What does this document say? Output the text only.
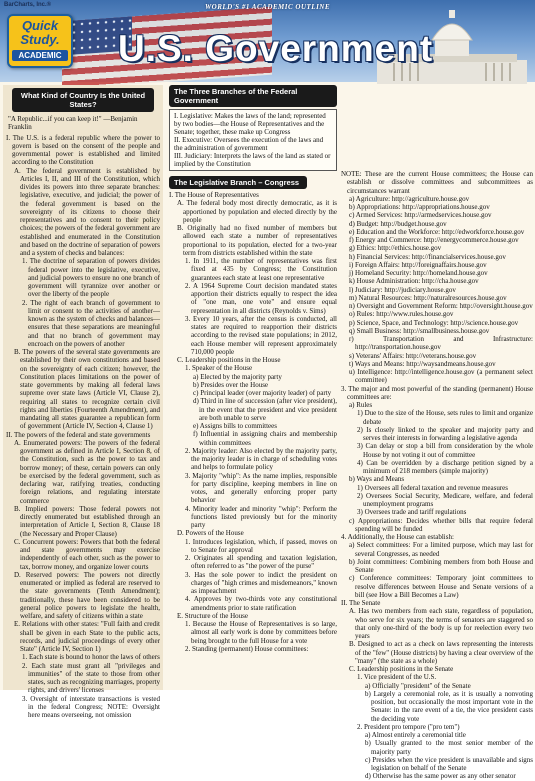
BarCharts, Inc.®	WORLD'S #1 ACADEMIC OUTLINE
Quick
Study.
ACADEMIC U.S. Government
What Kind of Country Is the United States?

"A Republic...if you can keep it!" —Benjamin Franklin

I. The U.S. is a federal republic where the power to govern is based on the consent of the people and governmental power is established and limited according to the Constitution

A. The federal government is established by Articles I, II, and III of the Constitution, which divides its powers into three separate branches: legislative, executive, and judicial; the power of the federal government is based on the sovereignty of its citizens to choose their representatives and to consent to their policy choices; the powers of the federal government are established and enumerated in the Constitution and based on the doctrine of separation of powers and a system of checks and balances:

1. The doctrine of separation of powers divides federal power into the legislative, executive, and judicial powers to ensure no one branch of government will tyrannize over another or over the liberty of the people

2. The right of each branch of government to limit or consent to the activities of another—known as the system of checks and balances—ensures that these separations are meaningful and that no branch of government may encroach on the powers of another

B. The powers of the several state governments are established by their own constitutions and based on the sovereignty of each citizen; however, the Constitution places limitations on the power of state governments by making all federal laws supreme over state laws (Article VI, Clause 2), requiring all states to recognize certain civil rights and liberties (Fourteenth Amendment), and mandating all states guarantee a republican form of government (Article IV, Section 4, Clause 1)

II. The powers of the federal and state governments

A. Enumerated powers: The powers of the federal government as defined in Article I, Section 8, of the Constitution, such as the power to tax and borrow money; of these, certain powers can only be exercised by the federal government, such as declaring war, ratifying treaties, conducting foreign relations, and regulating interstate commerce

B. Implied powers: Those federal powers not directly enumerated but established through an interpretation of Article I, Section 8, Clause 18 (the Necessary and Proper Clause)

C. Concurrent powers: Powers that both the federal and state governments may exercise independently of each other, such as the power to tax, borrow money, and organize lower courts

D. Reserved powers: The powers not directly enumerated or implied as federal are reserved to the state governments (Tenth Amendment); traditionally, these have been considered to be general police powers to legislate the health, welfare, and safety of citizens within a state

E. Relations with other states: "Full faith and credit shall be given in each State to the public acts, records, and judicial proceedings of every other State" (Article IV, Section 1)

1. Each state is bound to honor the laws of others

2. Each state must grant all "privileges and immunities" of the state to those from other states, such as recognizing marriages, property rights, and drivers' licenses

3. Oversight of interstate transactions is vested in the federal Congress; NOTE: Oversight here means overseeing, not omission

The Three Branches of the Federal Government

I. Legislative: Makes the laws of the land; represented by two bodies—the House of Representatives and the Senate; together, these make up Congress

II. Executive: Oversees the execution of the laws and the administration of government

III. Judiciary: Interprets the laws of the land as stated or implied by the Constitution

The Legislative Branch – Congress

I. The House of Representatives

A. The federal body most directly democratic, as it is apportioned by population and elected directly by the people

B. Originally had no fixed number of members but allowed each state a number of representatives proportional to its population, elected for a two-year term from districts established within the state

1. In 1911, the number of representatives was first fixed at 435 by Congress; the Constitution guarantees each state at least one representative

2. A 1964 Supreme Court decision mandated states apportion their districts equally to respect the idea of "one man, one vote" and ensure equal representation in all districts (Reynolds v. Sims)

3. Every 10 years, after the census is conducted, all states are required to reapportion their districts according to the revised state populations; in 2012, each House member will represent approximately 710,000 people

C. Leadership positions in the House

1. Speaker of the House

a) Elected by the majority party

b) Presides over the House

c) Principal leader (over majority leader) of party

d) Third in line of succession (after vice president), in the event that the president and vice president are both unable to serve

e) Assigns bills to committees

f) Influential in assigning chairs and membership within committees

2. Majority leader: Also elected by the majority party, the majority leader is in charge of scheduling votes and helps to formulate policy

3. Majority "whip": As the name implies, responsible for party discipline, keeping members in line on votes, and generally enforcing proper party behavior

4. Minority leader and minority "whip": Perform the functions listed previously but for the minority party

D. Powers of the House

1. Introduces legislation, which, if passed, moves on to Senate for approval

2. Originates all spending and taxation legislation, often referred to as "the power of the purse"

3. Has the sole power to indict the president on charges of "high crimes and misdemeanors," known as impeachment

4. Approves by two-thirds vote any constitutional amendments prior to state ratification

E. Structure of the House

1. Because the House of Representatives is so large, almost all early work is done by committees before being brought to the full House for a vote

2. Standing (permanent) House committees:

NOTE: These are the current House committees; the House can establish or dissolve committees and subcommittees as circumstances warrant

a) Agriculture: http://agriculture.house.gov

b) Appropriations: http://appropriations.house.gov

c) Armed Services: http://armedservices.house.gov

d) Budget: http://budget.house.gov

e) Education and the Workforce: http://edworkforce.house.gov

f) Energy and Commerce: http://energycommerce.house.gov

g) Ethics: http://ethics.house.gov

h) Financial Services: http://financialservices.house.gov

i) Foreign Affairs: http://foreignaffairs.house.gov

j) Homeland Security: http://homeland.house.gov

k) House Administration: http://cha.house.gov

l) Judiciary: http://judiciary.house.gov

m) Natural Resources: http://naturalresources.house.gov

n) Oversight and Government Reform: http://oversight.house.gov

o) Rules: http://www.rules.house.gov

p) Science, Space, and Technology: http://science.house.gov

q) Small Business: http://smallbusiness.house.gov

r) Transportation and Infrastructure: http://transportation.house.gov

s) Veterans' Affairs: http://veterans.house.gov

t) Ways and Means: http://waysandmeans.house.gov

u) Intelligence: http://intelligence.house.gov (a permanent select committee)

3. The major and most powerful of the standing (permanent) House committees are:

a) Rules

1) Due to the size of the House, sets rules to limit and organize debate

2) Is closely linked to the speaker and majority party and serves their interests in forwarding a legislative agenda

3) Can delay or stop a bill from consideration by the whole House by not voting it out of committee

4) Can be overridden by a discharge petition signed by a minimum of 218 members (simple majority)

b) Ways and Means

1) Oversees all federal taxation and revenue measures

2) Oversees Social Security, Medicare, welfare, and federal unemployment programs

3) Oversees trade and tariff regulations

c) Appropriations: Decides whether bills that require federal spending will be funded

4. Additionally, the House can establish:

a) Select committees: For a limited purpose, which may last for several Congresses, as needed

b) Joint committees: Combining members from both House and Senate

c) Conference committees: Temporary joint committees to resolve differences between House and Senate versions of a bill (see How a Bill Becomes a Law)

II. The Senate

A. Has two members from each state, regardless of population, who serve for six years; the terms of senators are staggered so that only one-third of the body is up for reelection every two years

B. Designed to act as a check on laws representing the interests of the "few" (House districts) by having a clear overview of the "many" (the state as a whole)

C. Leadership positions in the Senate

1. Vice president of the U.S.

a) Officially "president" of the Senate

b) Largely a ceremonial role, as it is usually a nonvoting position, but occasionally the most important vote in the Senate: in the rare event of a tie, the vice president casts the deciding vote

2. President pro tempore ("pro tem")

a) Almost entirely a ceremonial title

b) Usually granted to the most senior member of the majority party

c) Presides when the vice president is unavailable and signs legislation on behalf of the Senate

d) Otherwise has the same power as any other senator
